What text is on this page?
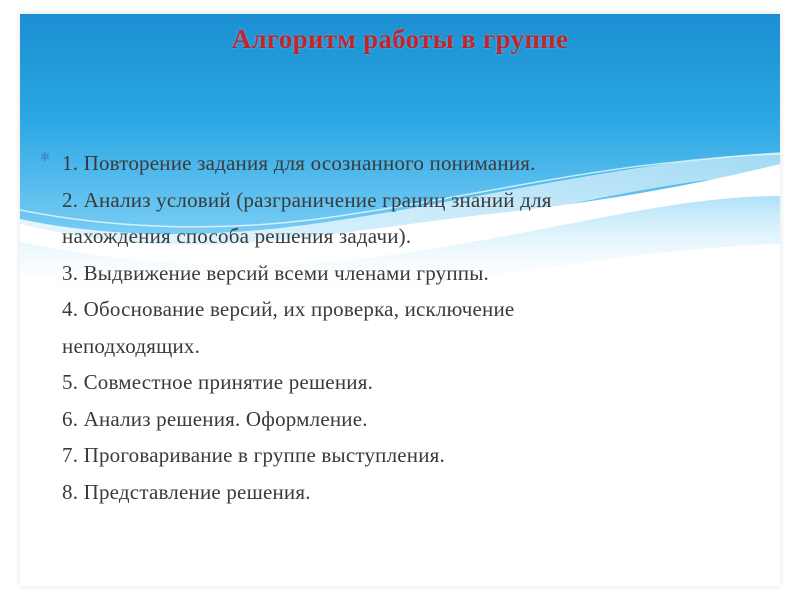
Алгоритм работы в группе
✱ 1. Повторение задания для осознанного понимания.
2. Анализ условий (разграничение границ знаний для
нахождения способа решения задачи).
3. Выдвижение версий всеми членами группы.
4. Обоснование версий, их проверка, исключение
неподходящих.
5. Совместное принятие решения.
6. Анализ решения. Оформление.
7. Проговаривание в группе выступления.
8. Представление решения.
